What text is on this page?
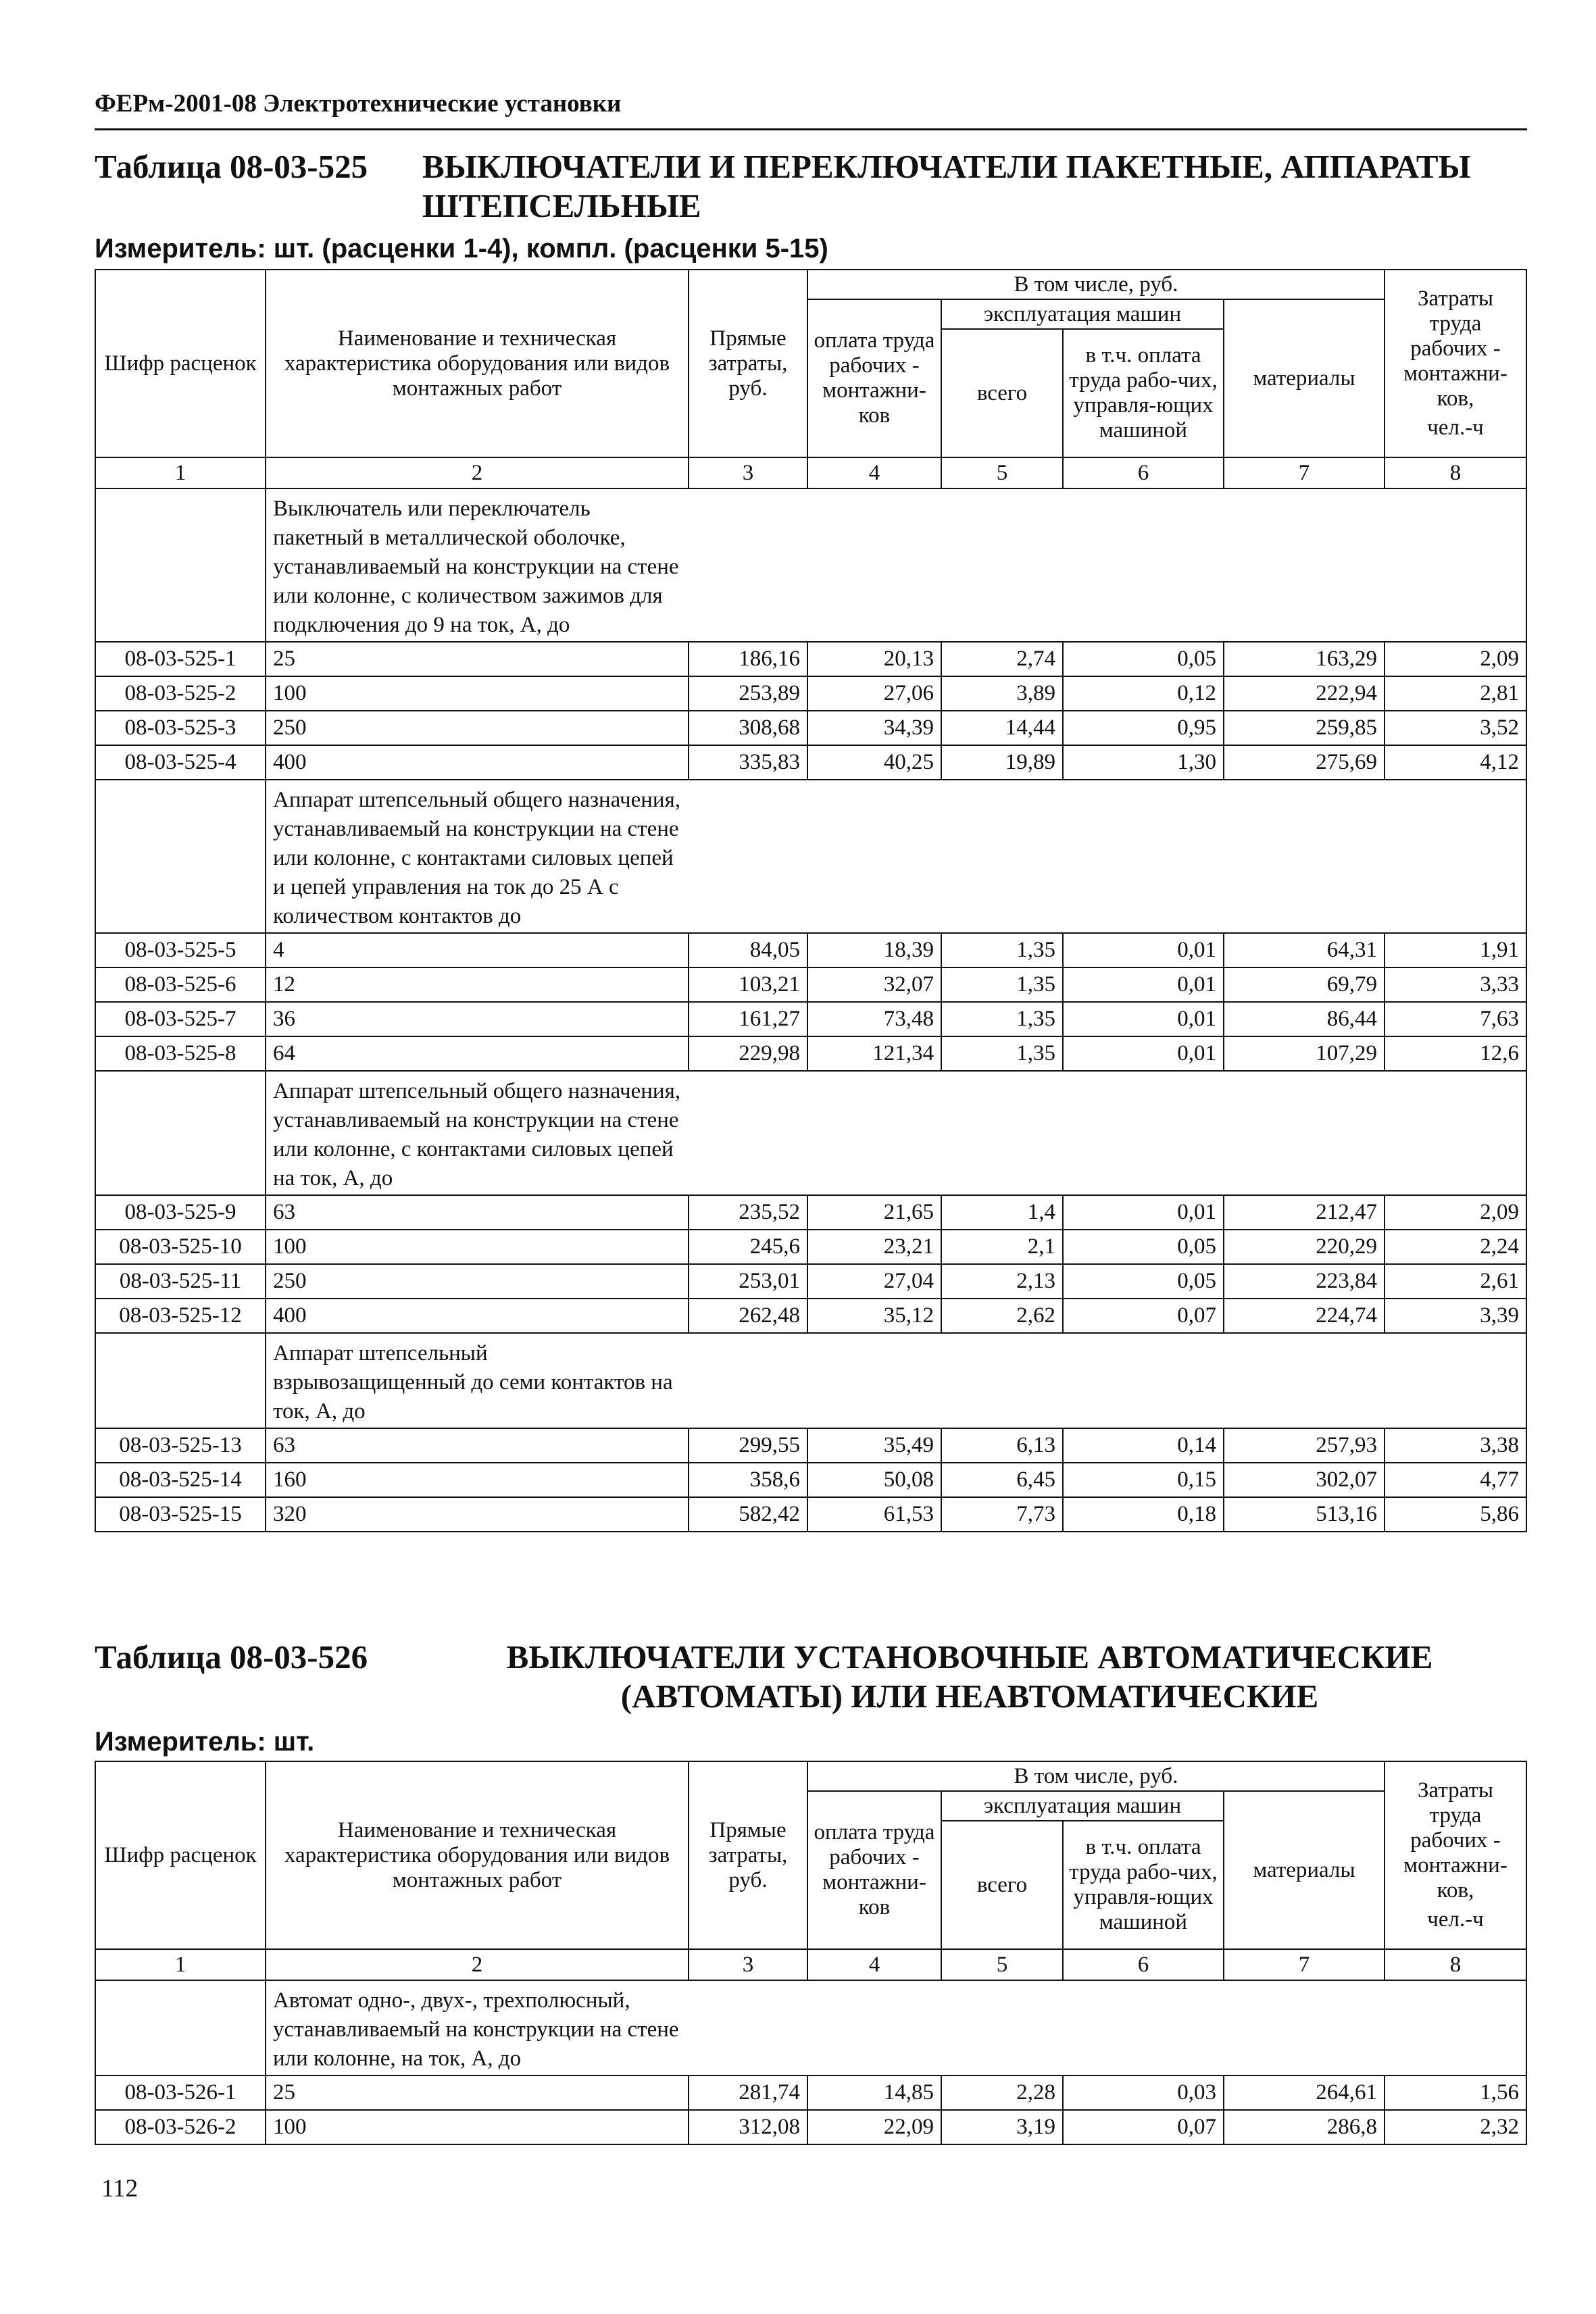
ФЕРм-2001-08 Электротехнические установки
Таблица 08-03-525	ВЫКЛЮЧАТЕЛИ И ПЕРЕКЛЮЧАТЕЛИ ПАКЕТНЫЕ, АППАРАТЫ ШТЕПСЕЛЬНЫЕ
Измеритель: шт. (расценки 1-4), компл. (расценки 5-15)
Шифр расценок	Наименование и техническая характеристика оборудования или видов монтажных работ	Прямые затраты, руб.	В том числе, руб.				Затраты труда рабочих - монтажни-ков,
чел.-ч

			оплата труда рабочих - монтажни-ков	эксплуатация машин		материалы	
				всего	в т.ч. оплата труда рабо-чих, управля-ющих машиной		
1	2	3	4	5	6	7	8
	Выключатель или переключатель пакетный в металлической оболочке, устанавливаемый на конструкции на стене или колонне, с количеством зажимов для подключения до 9 на ток, А, до						
08-03-525-1	25	186,16	20,13	2,74	0,05	163,29	2,09
08-03-525-2	100	253,89	27,06	3,89	0,12	222,94	2,81
08-03-525-3	250	308,68	34,39	14,44	0,95	259,85	3,52
08-03-525-4	400	335,83	40,25	19,89	1,30	275,69	4,12
	Аппарат штепсельный общего назначения, устанавливаемый на конструкции на стене или колонне, с контактами силовых цепей и цепей управления на ток до 25 А с количеством контактов до						
08-03-525-5	4	84,05	18,39	1,35	0,01	64,31	1,91
08-03-525-6	12	103,21	32,07	1,35	0,01	69,79	3,33
08-03-525-7	36	161,27	73,48	1,35	0,01	86,44	7,63
08-03-525-8	64	229,98	121,34	1,35	0,01	107,29	12,6
	Аппарат штепсельный общего назначения, устанавливаемый на конструкции на стене или колонне, с контактами силовых цепей на ток, А, до						
08-03-525-9	63	235,52	21,65	1,4	0,01	212,47	2,09
08-03-525-10	100	245,6	23,21	2,1	0,05	220,29	2,24
08-03-525-11	250	253,01	27,04	2,13	0,05	223,84	2,61
08-03-525-12	400	262,48	35,12	2,62	0,07	224,74	3,39
	Аппарат штепсельный взрывозащищенный до семи контактов на ток, А, до						
08-03-525-13	63	299,55	35,49	6,13	0,14	257,93	3,38
08-03-525-14	160	358,6	50,08	6,45	0,15	302,07	4,77
08-03-525-15	320	582,42	61,53	7,73	0,18	513,16	5,86
Таблица 08-03-526	ВЫКЛЮЧАТЕЛИ УСТАНОВОЧНЫЕ АВТОМАТИЧЕСКИЕ (АВТОМАТЫ) ИЛИ НЕАВТОМАТИЧЕСКИЕ
Измеритель: шт.
Шифр расценок	Наименование и техническая характеристика оборудования или видов монтажных работ	Прямые затраты, руб.	В том числе, руб.				Затраты труда рабочих - монтажни-ков,
чел.-ч

			оплата труда рабочих - монтажни-ков	эксплуатация машин		материалы	
				всего	в т.ч. оплата труда рабо-чих, управля-ющих машиной		
1	2	3	4	5	6	7	8
	Автомат одно-, двух-, трехполюсный, устанавливаемый на конструкции на стене или колонне, на ток, А, до						
08-03-526-1	25	281,74	14,85	2,28	0,03	264,61	1,56
08-03-526-2	100	312,08	22,09	3,19	0,07	286,8	2,32
112
